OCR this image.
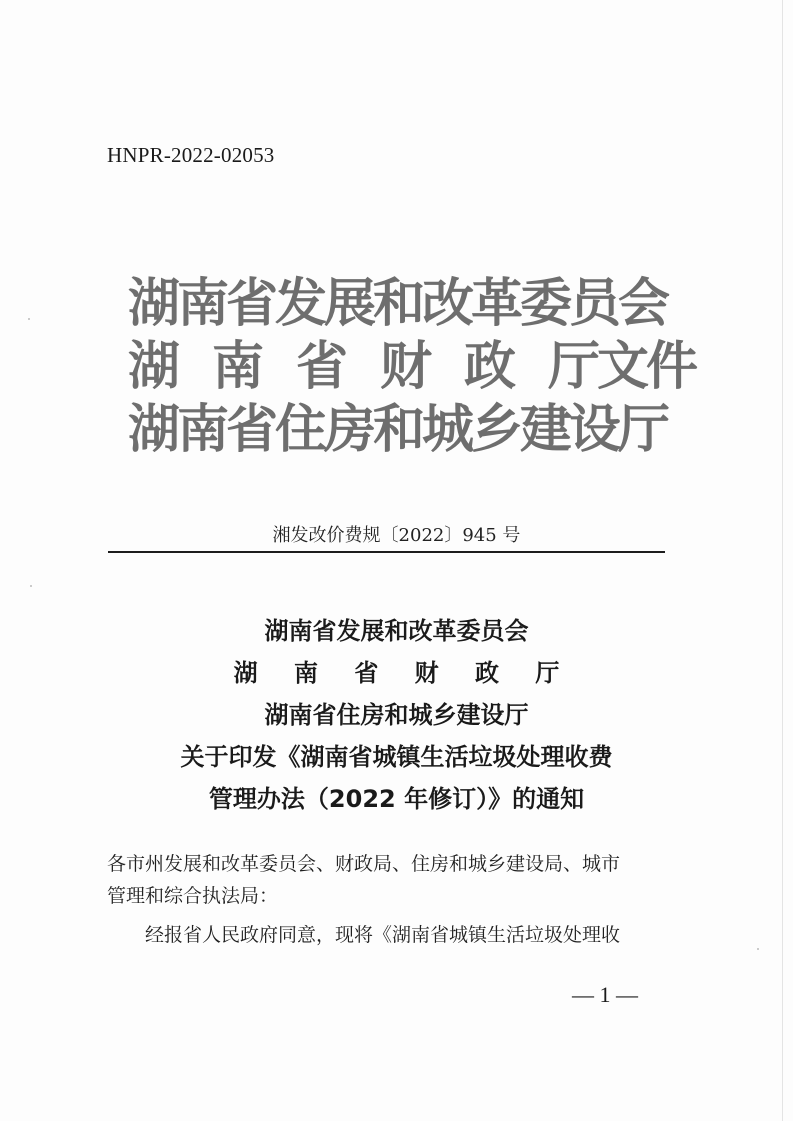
HNPR-2022-02053
湖南省发展和改革委员会
湖 南 省 财 政 厅文件
湖南省住房和城乡建设厅
湘发改价费规〔2022〕945 号
湖南省发展和改革委员会
湖 南 省 财 政 厅
湖南省住房和城乡建设厅
关于印发《湖南省城镇生活垃圾处理收费
管理办法（2022 年修订）》的通知

各市州发展和改革委员会、财政局、住房和城乡建设局、城市

管理和综合执法局：

经报省人民政府同意，现将《湖南省城镇生活垃圾处理收

— 1 —
